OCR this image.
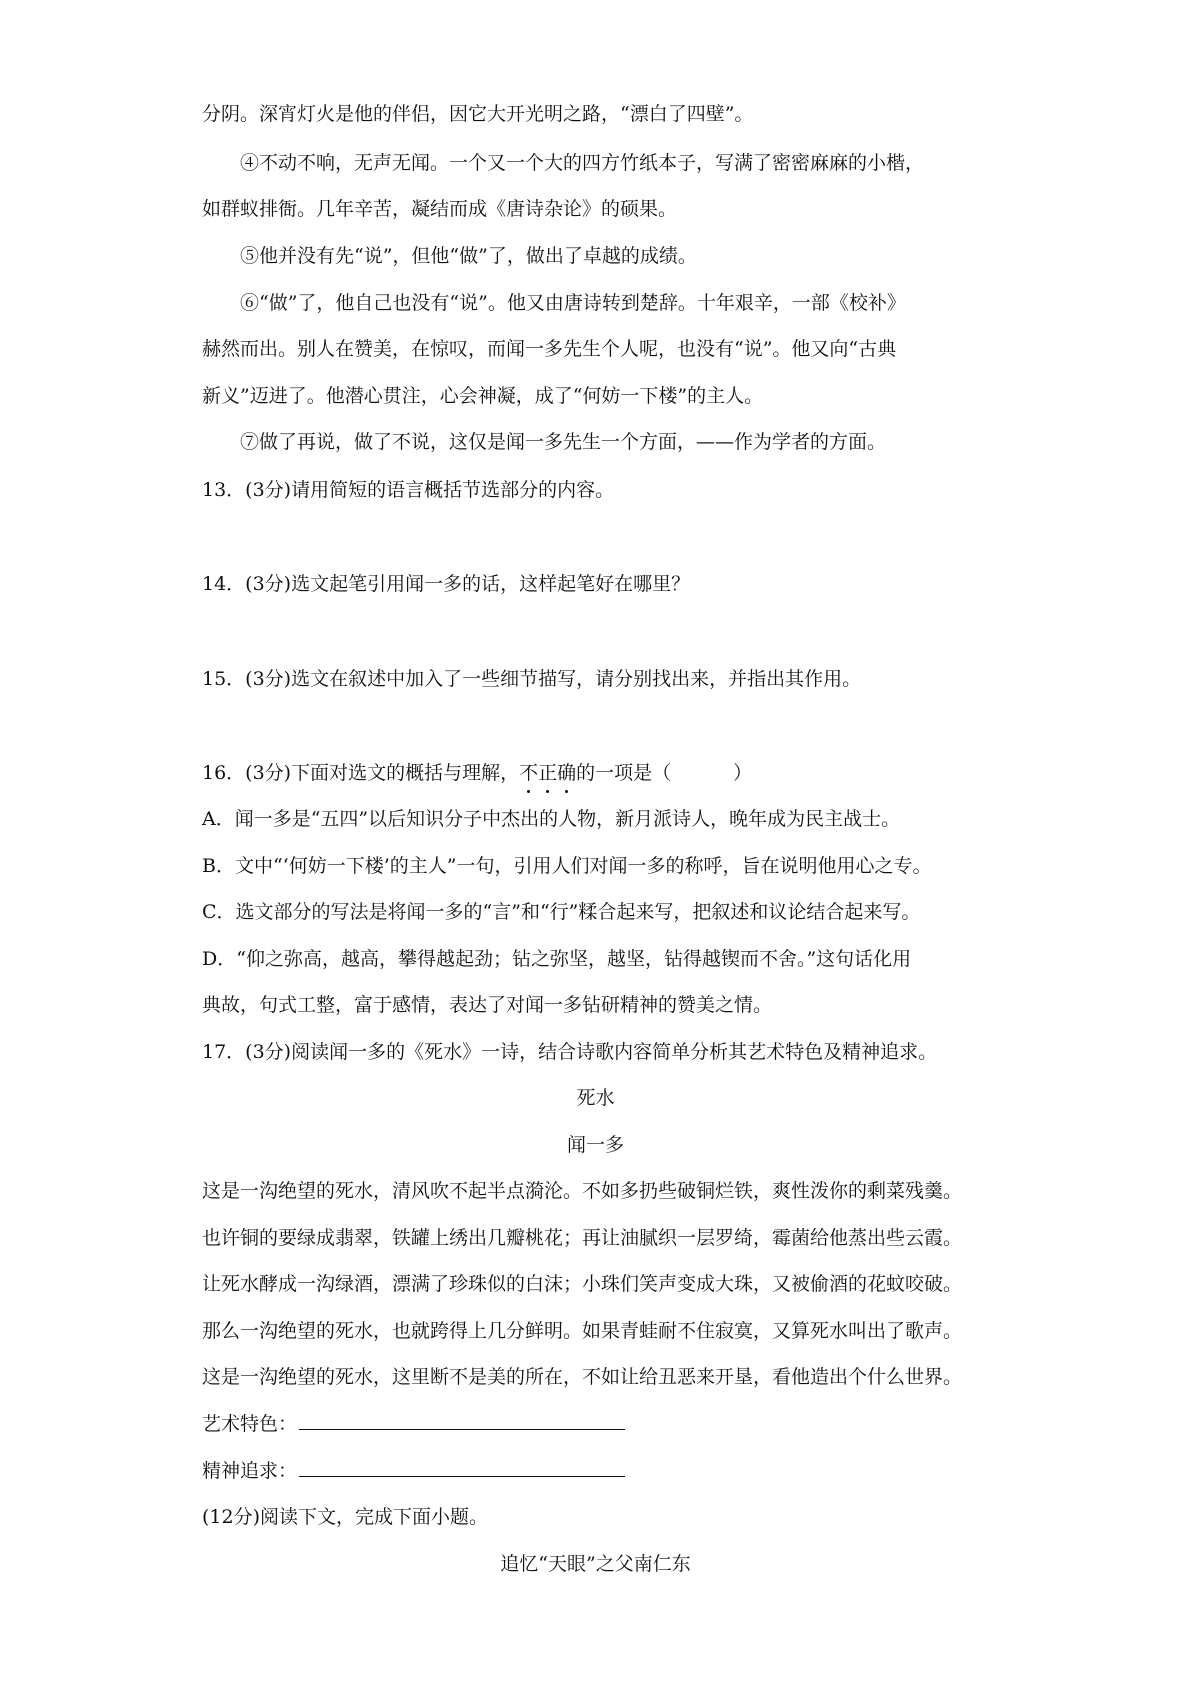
分阴。深宵灯火是他的伴侣，因它大开光明之路，“漂白了四壁”。
④不动不响，无声无闻。一个又一个大的四方竹纸本子，写满了密密麻麻的小楷，
如群蚁排衙。几年辛苦，凝结而成《唐诗杂论》的硕果。
⑤他并没有先“说”，但他“做”了，做出了卓越的成绩。
⑥“做”了，他自己也没有“说”。他又由唐诗转到楚辞。十年艰辛，一部《校补》
赫然而出。别人在赞美，在惊叹，而闻一多先生个人呢，也没有“说”。他又向“古典
新义”迈进了。他潜心贯注，心会神凝，成了“何妨一下楼”的主人。
⑦做了再说，做了不说，这仅是闻一多先生一个方面，——作为学者的方面。
13．(3分)请用简短的语言概括节选部分的内容。
14．(3分)选文起笔引用闻一多的话，这样起笔好在哪里？
15．(3分)选文在叙述中加入了一些细节描写，请分别找出来，并指出其作用。
16．(3分)下面对选文的概括与理解，不正确的一项是（	）
A．闻一多是“五四”以后知识分子中杰出的人物，新月派诗人，晚年成为民主战士。
B．文中“‘何妨一下楼’的主人”一句，引用人们对闻一多的称呼，旨在说明他用心之专。
C．选文部分的写法是将闻一多的“言”和“行”糅合起来写，把叙述和议论结合起来写。
D．“仰之弥高，越高，攀得越起劲；钻之弥坚，越坚，钻得越锲而不舍。”这句话化用
典故，句式工整，富于感情，表达了对闻一多钻研精神的赞美之情。
17．(3分)阅读闻一多的《死水》一诗，结合诗歌内容简单分析其艺术特色及精神追求。
死水
闻一多
这是一沟绝望的死水，清风吹不起半点漪沦。不如多扔些破铜烂铁，爽性泼你的剩菜残羹。
也许铜的要绿成翡翠，铁罐上绣出几瓣桃花；再让油腻织一层罗绮，霉菌给他蒸出些云霞。
让死水酵成一沟绿酒，漂满了珍珠似的白沫；小珠们笑声变成大珠，又被偷酒的花蚊咬破。
那么一沟绝望的死水，也就跨得上几分鲜明。如果青蛙耐不住寂寞，又算死水叫出了歌声。
这是一沟绝望的死水，这里断不是美的所在，不如让给丑恶来开垦，看他造出个什么世界。
艺术特色：
精神追求：
(12分)阅读下文，完成下面小题。
追忆“天眼”之父南仁东
